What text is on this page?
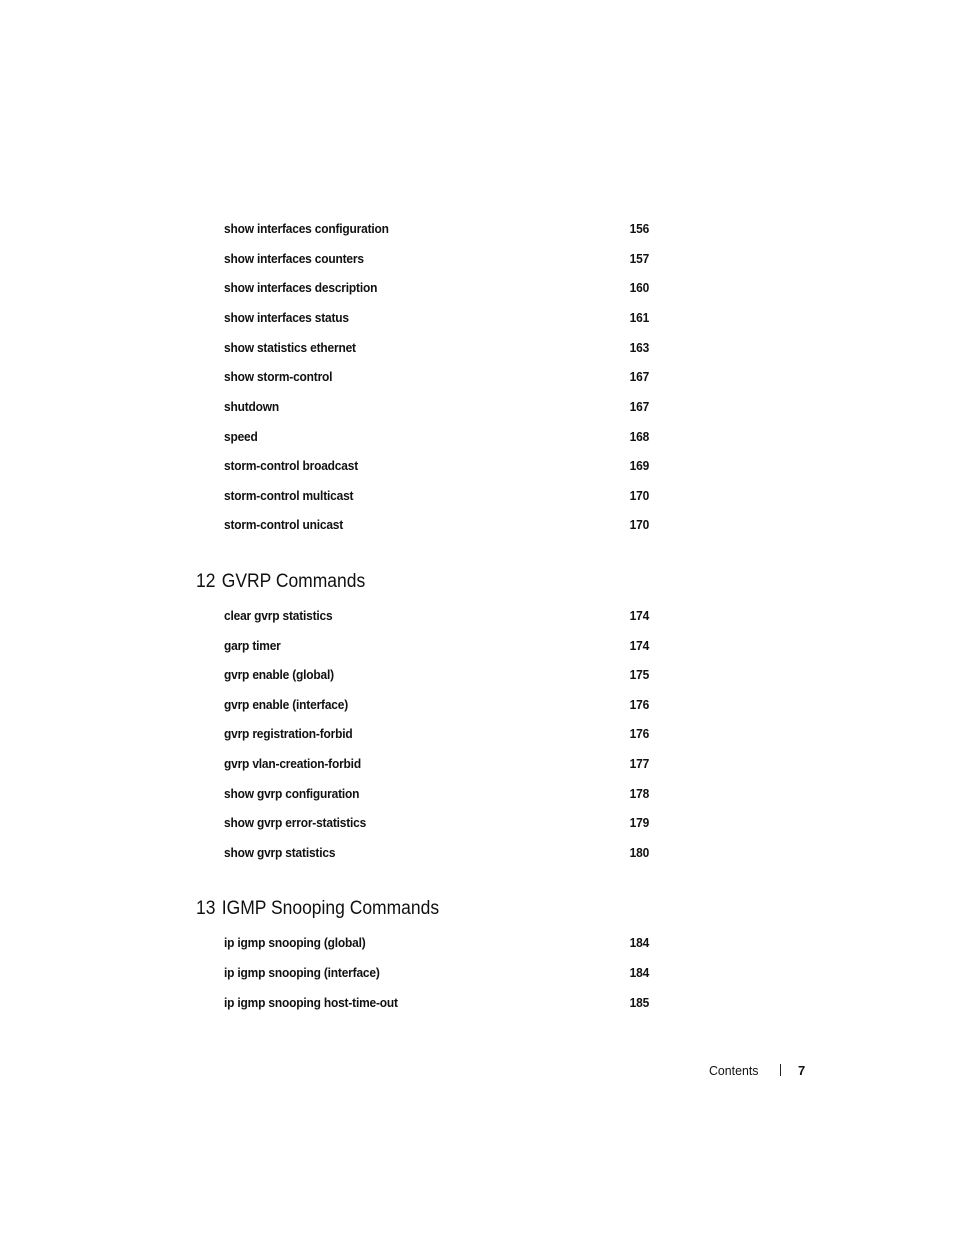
show interfaces configuration	156
show interfaces counters	157
show interfaces description	160
show interfaces status	161
show statistics ethernet	163
show storm-control	167
shutdown	167
speed	168
storm-control broadcast	169
storm-control multicast	170
storm-control unicast	170
12 GVRP Commands
clear gvrp statistics	174
garp timer	174
gvrp enable (global)	175
gvrp enable (interface)	176
gvrp registration-forbid	176
gvrp vlan-creation-forbid	177
show gvrp configuration	178
show gvrp error-statistics	179
show gvrp statistics	180
13 IGMP Snooping Commands
ip igmp snooping (global)	184
ip igmp snooping (interface)	184
ip igmp snooping host-time-out	185
Contents	7
